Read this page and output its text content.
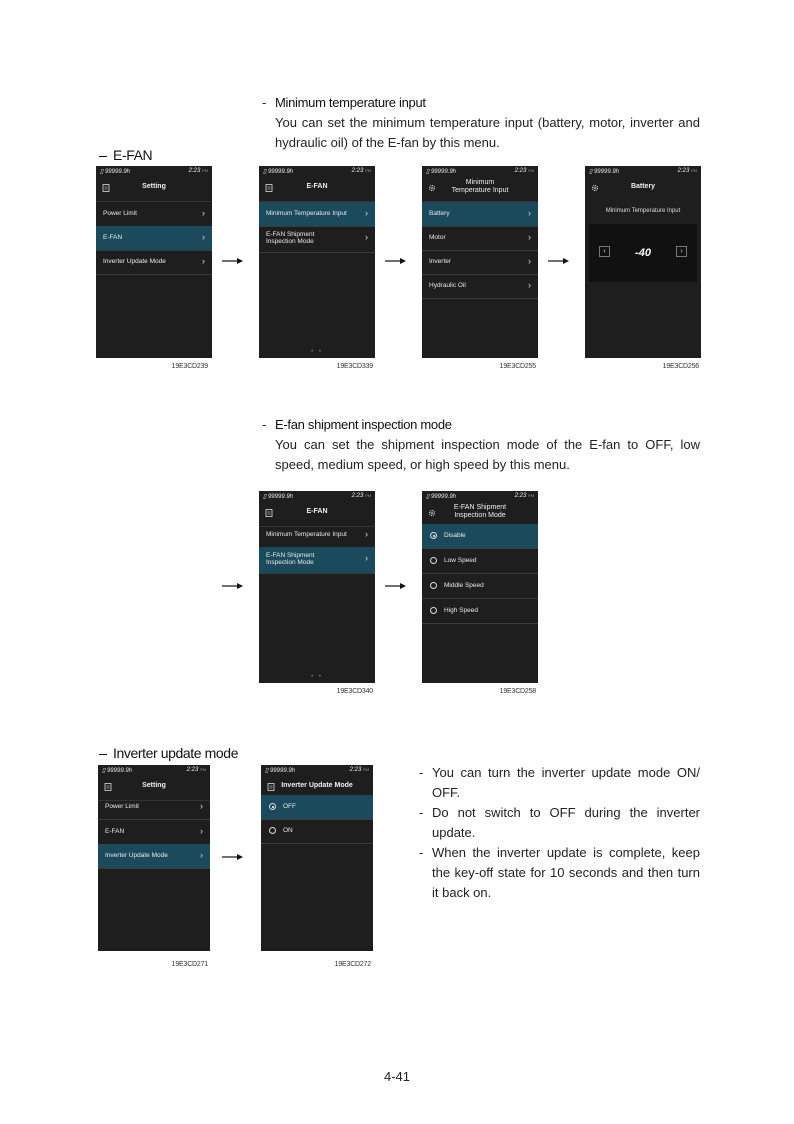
- Minimum temperature input
You can set the minimum temperature input (battery, motor, inverter and hydraulic oil) of the E-fan by this menu.
E-FAN
▯ 99999.9h	2:23 PM
Setting
Power Limit	›
E-FAN	›
Inverter Update Mode	›
19E3CD239
▯ 99999.9h	2:23 PM
E-FAN
Minimum Temperature Input ›
E-FAN Shipment
Inspection Mode	›
• •
19E3CD339
▯ 99999.9h	2:23 PM
Minimum
Temperature Input
Battery	›
Motor	›
Inverter	›
Hydraulic Oil	›
19E3CD255
▯ 99999.9h	2:23 PM
Battery
Minimum Temperature Input
‹	-40	›
19E3CD256
- E-fan shipment inspection mode
You can set the shipment inspection mode of the E-fan to OFF, low speed, medium speed, or high speed by this menu.
▯ 99999.9h	2:23 PM
E-FAN
Minimum Temperature Input ›
E-FAN Shipment
Inspection Mode	›
• •
19E3CD340
▯ 99999.9h	2:23 PM
E-FAN Shipment
Inspection Mode
Disable
Low Speed
Middle Speed
High Speed
19E3CD258
Inverter update mode
▯ 99999.9h	2:23 PM
Setting
Power Limit	›
E-FAN	›
Inverter Update Mode	›
19E3CD271
▯ 99999.9h	2:23 PM
Inverter Update Mode
OFF
ON
19E3CD272
- You can turn the inverter update mode ON/ OFF.
- Do not switch to OFF during the inverter update.
- When the inverter update is complete, keep the key-off state for 10 seconds and then turn it back on.
4-41
